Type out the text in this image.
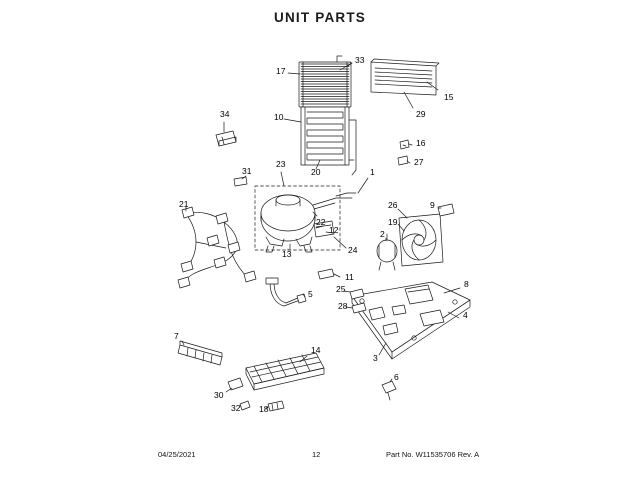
UNIT PARTS
33
17
15
29
10
34
16
27
23
20	1
31
26	9
21
19
22
12	2
24
13
11
25	8
5
28
4
7
14
3
6
30
32 18
04/25/2021	12	Part No. W11535706 Rev. A
